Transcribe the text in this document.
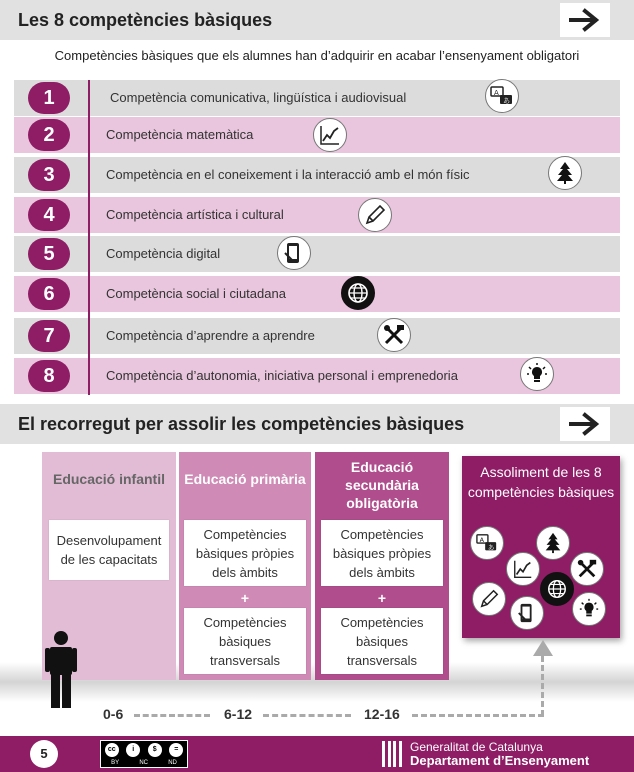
Les 8 competències bàsiques
Competències bàsiques que els alumnes han d’adquirir en acabar l’ensenyament obligatori
1	Competència comunicativa, lingüística i audiovisual
2	Competència matemàtica
3	Competència en el coneixement i la interacció amb el món físic
4	Competència artística i cultural
5	Competència digital
6	Competència social i ciutadana
7	Competència d’aprendre a aprendre
8	Competència d’autonomia, iniciativa personal i emprenedoria
A
あ
El recorregut per assolir les competències bàsiques
Educació infantil
Desenvolupament de les capacitats
Educació primària
Competències bàsiques pròpies dels àmbits
+
Competències bàsiques transversals
Educació secundària obligatòria
Competències bàsiques pròpies dels àmbits
+
Competències bàsiques transversals
Assoliment de les 8 competències bàsiques
A
あ
0-6	6-12	12-16
5	cc	i	$	=
BY	NC	ND
Generalitat de Catalunya
Departament d’Ensenyament
